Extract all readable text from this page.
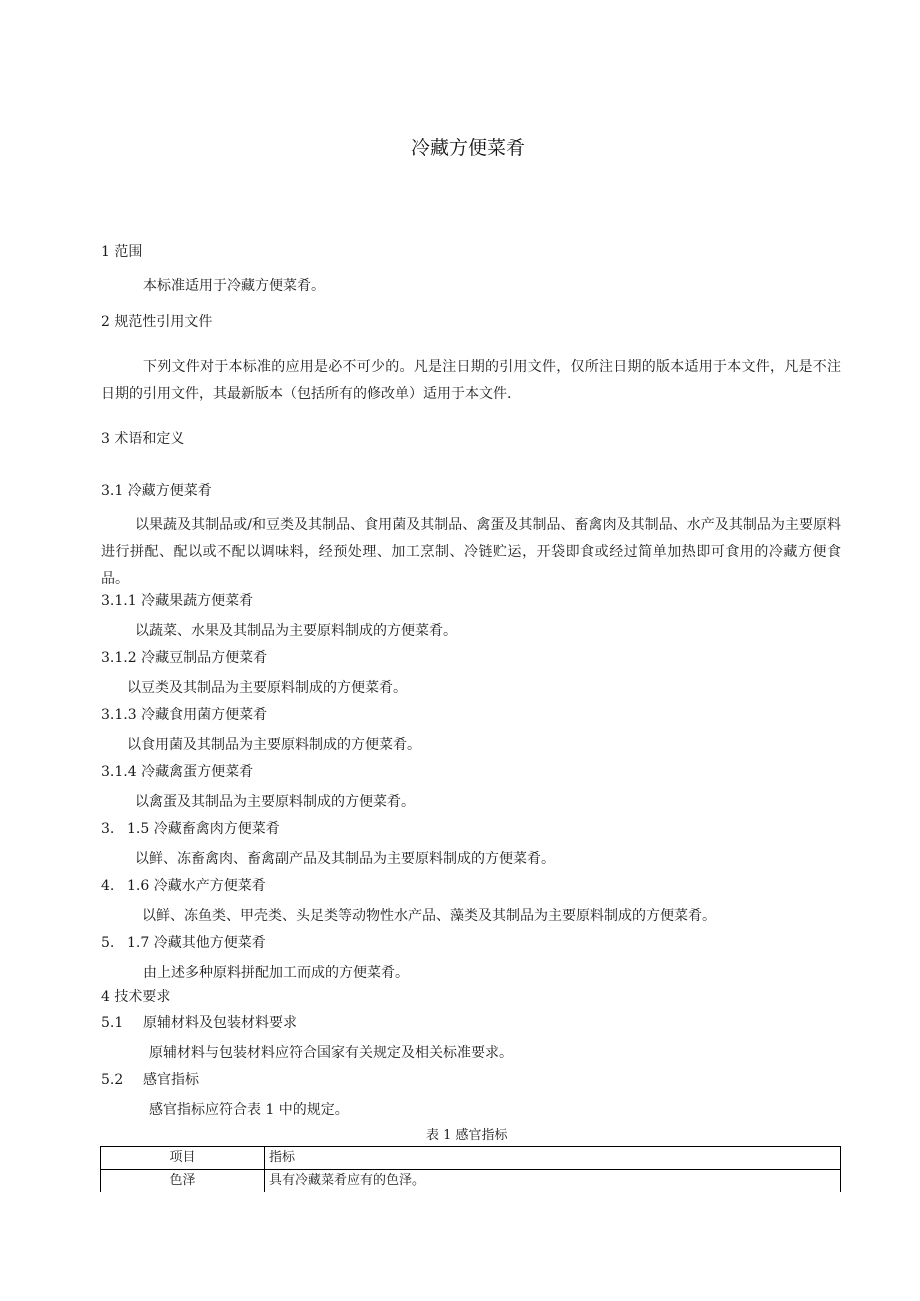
冷藏方便菜肴
1 范围
本标准适用于冷藏方便菜肴。
2 规范性引用文件
下列文件对于本标准的应用是必不可少的。凡是注日期的引用文件，仅所注日期的版本适用于本文件，凡是不注日期的引用文件，其最新版本（包括所有的修改单）适用于本文件.
3 术语和定义
3.1 冷藏方便菜肴
以果蔬及其制品或/和豆类及其制品、食用菌及其制品、禽蛋及其制品、畜禽肉及其制品、水产及其制品为主要原料进行拼配、配以或不配以调味料，经预处理、加工烹制、冷链贮运，开袋即食或经过简单加热即可食用的冷藏方便食品。
3.1.1 冷藏果蔬方便菜肴
以蔬菜、水果及其制品为主要原料制成的方便菜肴。
3.1.2 冷藏豆制品方便菜肴
以豆类及其制品为主要原料制成的方便菜肴。
3.1.3 冷藏食用菌方便菜肴
以食用菌及其制品为主要原料制成的方便菜肴。
3.1.4 冷藏禽蛋方便菜肴
以禽蛋及其制品为主要原料制成的方便菜肴。
3. 1.5 冷藏畜禽肉方便菜肴
以鲜、冻畜禽肉、畜禽副产品及其制品为主要原料制成的方便菜肴。
4. 1.6 冷藏水产方便菜肴
以鲜、冻鱼类、甲壳类、头足类等动物性水产品、藻类及其制品为主要原料制成的方便菜肴。
5. 1.7 冷藏其他方便菜肴
由上述多种原料拼配加工而成的方便菜肴。
4 技术要求
5.1 原辅材料及包装材料要求
原辅材料与包装材料应符合国家有关规定及相关标准要求。
5.2 感官指标
感官指标应符合表 1 中的规定。
表 1 感官指标
项目	指标
色泽	具有冷藏菜肴应有的色泽。
